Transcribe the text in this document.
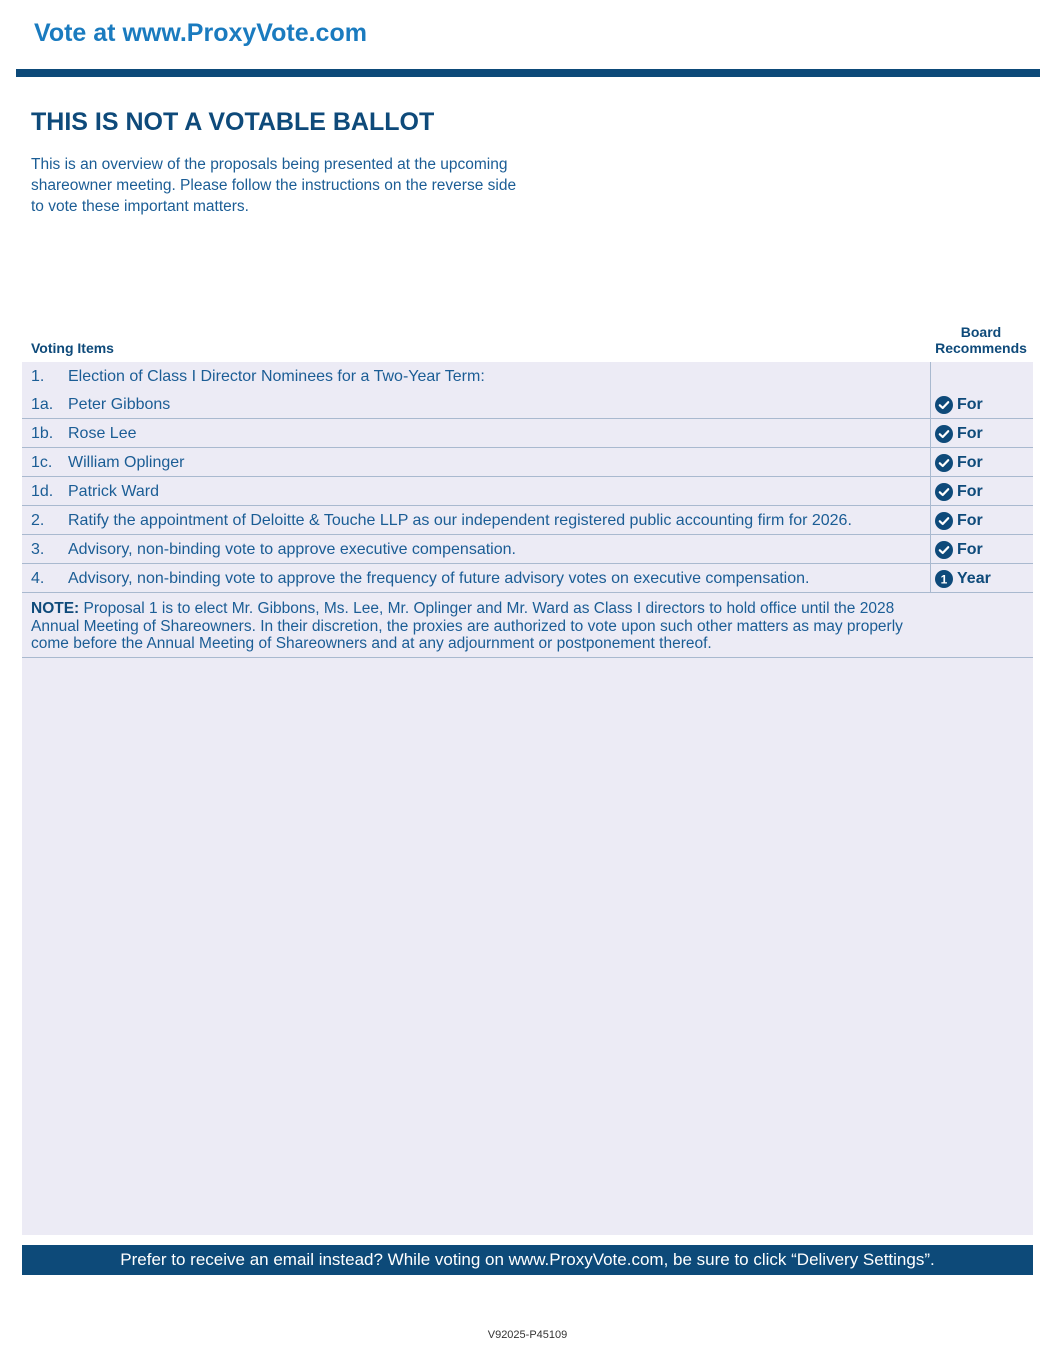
Vote at www.ProxyVote.com
THIS IS NOT A VOTABLE BALLOT
This is an overview of the proposals being presented at the upcoming shareowner meeting. Please follow the instructions on the reverse side to vote these important matters.
Voting Items
Board
Recommends
1. Election of Class I Director Nominees for a Two-Year Term:
1a. Peter Gibbons	For
1b. Rose Lee	For
1c. William Oplinger	For
1d. Patrick Ward	For
2. Ratify the appointment of Deloitte & Touche LLP as our independent registered public accounting firm for 2026.	For
3. Advisory, non-binding vote to approve executive compensation.	For
4. Advisory, non-binding vote to approve the frequency of future advisory votes on executive compensation.	1 Year
NOTE: Proposal 1 is to elect Mr. Gibbons, Ms. Lee, Mr. Oplinger and Mr. Ward as Class I directors to hold office until the 2028 Annual Meeting of Shareowners. In their discretion, the proxies are authorized to vote upon such other matters as may properly come before the Annual Meeting of Shareowners and at any adjournment or postponement thereof.
Prefer to receive an email instead? While voting on www.ProxyVote.com, be sure to click “Delivery Settings”.
V92025-P45109
